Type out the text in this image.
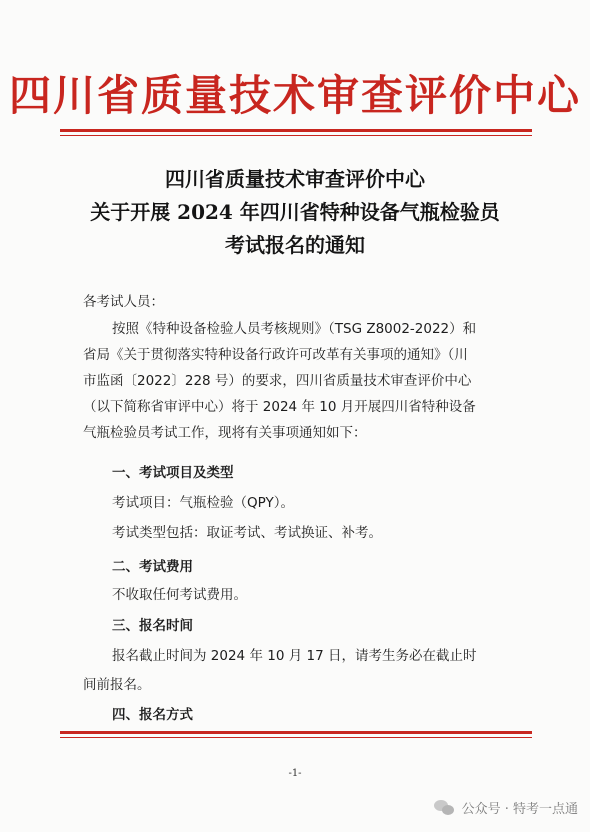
四川省质量技术审查评价中心
四川省质量技术审查评价中心
关于开展 2024 年四川省特种设备气瓶检验员
考试报名的通知
各考试人员：
按照《特种设备检验人员考核规则》（TSG Z8002-2022）和
省局《关于贯彻落实特种设备行政许可改革有关事项的通知》（川
市监函〔2022〕228 号）的要求，四川省质量技术审查评价中心
（以下简称省审评中心）将于 2024 年 10 月开展四川省特种设备
气瓶检验员考试工作，现将有关事项通知如下：
一、考试项目及类型
考试项目：气瓶检验（QPY）。
考试类型包括：取证考试、考试换证、补考。
二、考试费用
不收取任何考试费用。
三、报名时间
报名截止时间为 2024 年 10 月 17 日，请考生务必在截止时
间前报名。
四、报名方式
-1-
公众号 · 特考一点通
